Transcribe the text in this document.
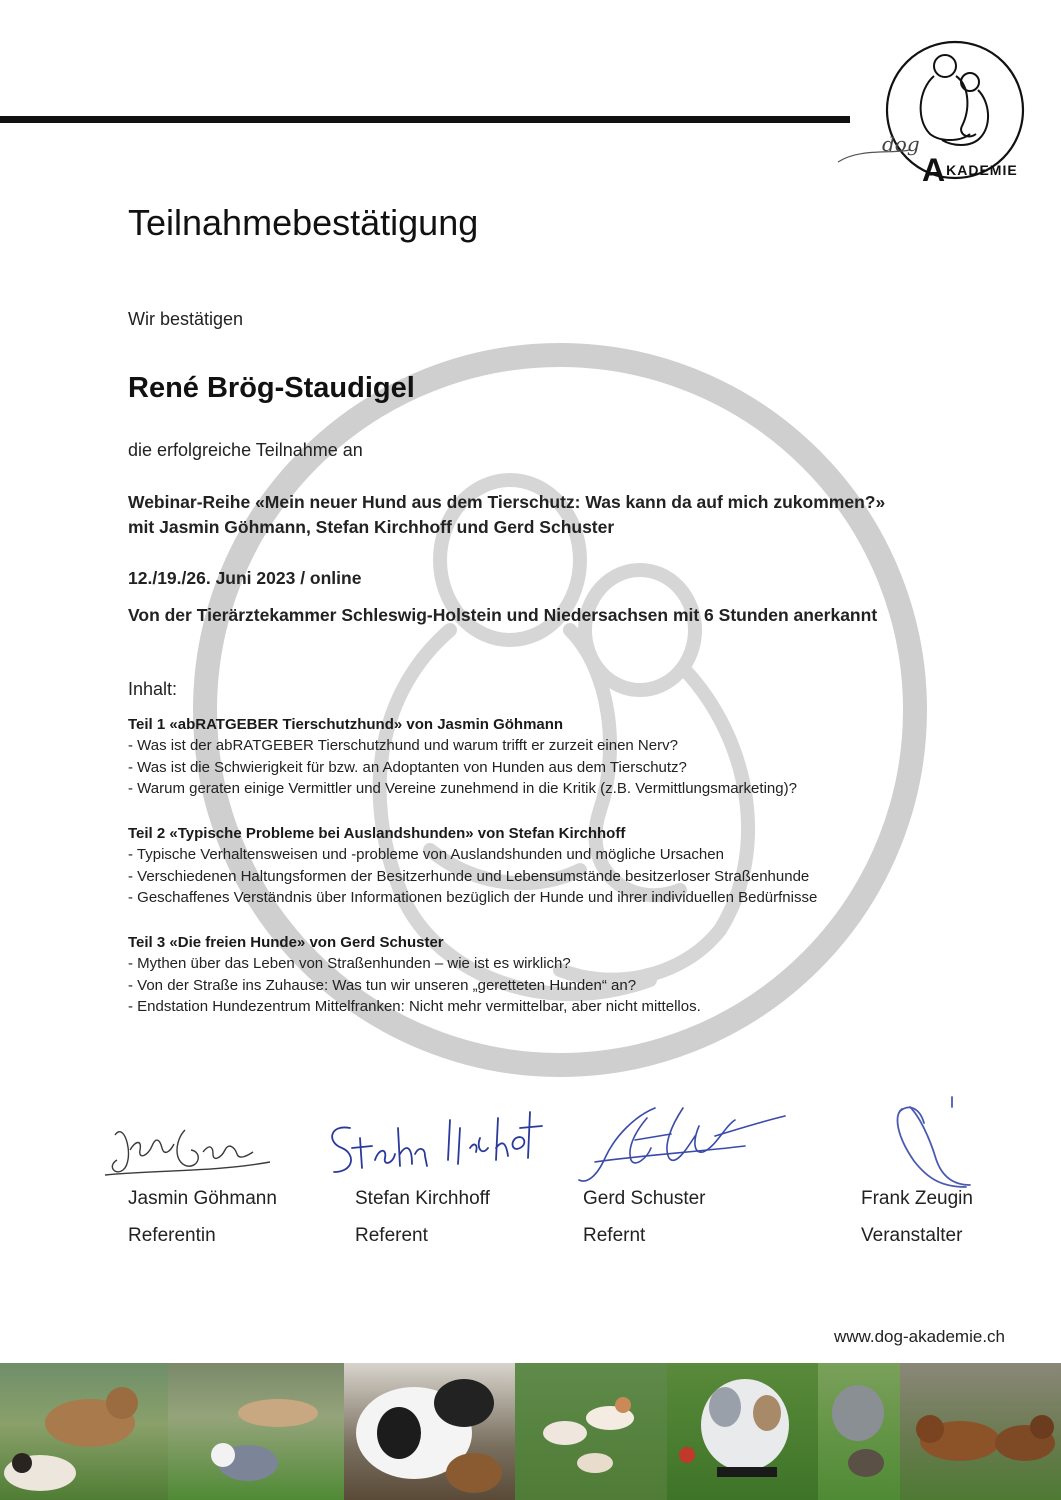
dog
AKADEMIE
Teilnahmebestätigung

Wir bestätigen

René Brög-Staudigel

die erfolgreiche Teilnahme an

Webinar-Reihe «Mein neuer Hund aus dem Tierschutz: Was kann da auf mich zukommen?»

mit Jasmin Göhmann, Stefan Kirchhoff und Gerd Schuster

12./19./26. Juni 2023 / online

Von der Tierärztekammer Schleswig-Holstein und Niedersachsen mit 6 Stunden anerkannt

Inhalt:

Teil 1 «abRATGEBER Tierschutzhund» von Jasmin Göhmann

- Was ist der abRATGEBER Tierschutzhund und warum trifft er zurzeit einen Nerv?

- Was ist die Schwierigkeit für bzw. an Adoptanten von Hunden aus dem Tierschutz?

- Warum geraten einige Vermittler und Vereine zunehmend in die Kritik (z.B. Vermittlungsmarketing)?

Teil 2 «Typische Probleme bei Auslandshunden» von Stefan Kirchhoff

- Typische Verhaltensweisen und -probleme von Auslandshunden und mögliche Ursachen

- Verschiedenen Haltungsformen der Besitzerhunde und Lebensumstände besitzerloser Straßenhunde

- Geschaffenes Verständnis über Informationen bezüglich der Hunde und ihrer individuellen Bedürfnisse

Teil 3 «Die freien Hunde» von Gerd Schuster

- Mythen über das Leben von Straßenhunden – wie ist es wirklich?

- Von der Straße ins Zuhause: Was tun wir unseren „geretteten Hunden“ an?

- Endstation Hundezentrum Mittelfranken: Nicht mehr vermittelbar, aber nicht mittellos.

Jasmin Göhmann

Referentin

Stefan Kirchhoff

Referent

Gerd Schuster

Refernt

Frank Zeugin

Veranstalter

www.dog-akademie.ch
